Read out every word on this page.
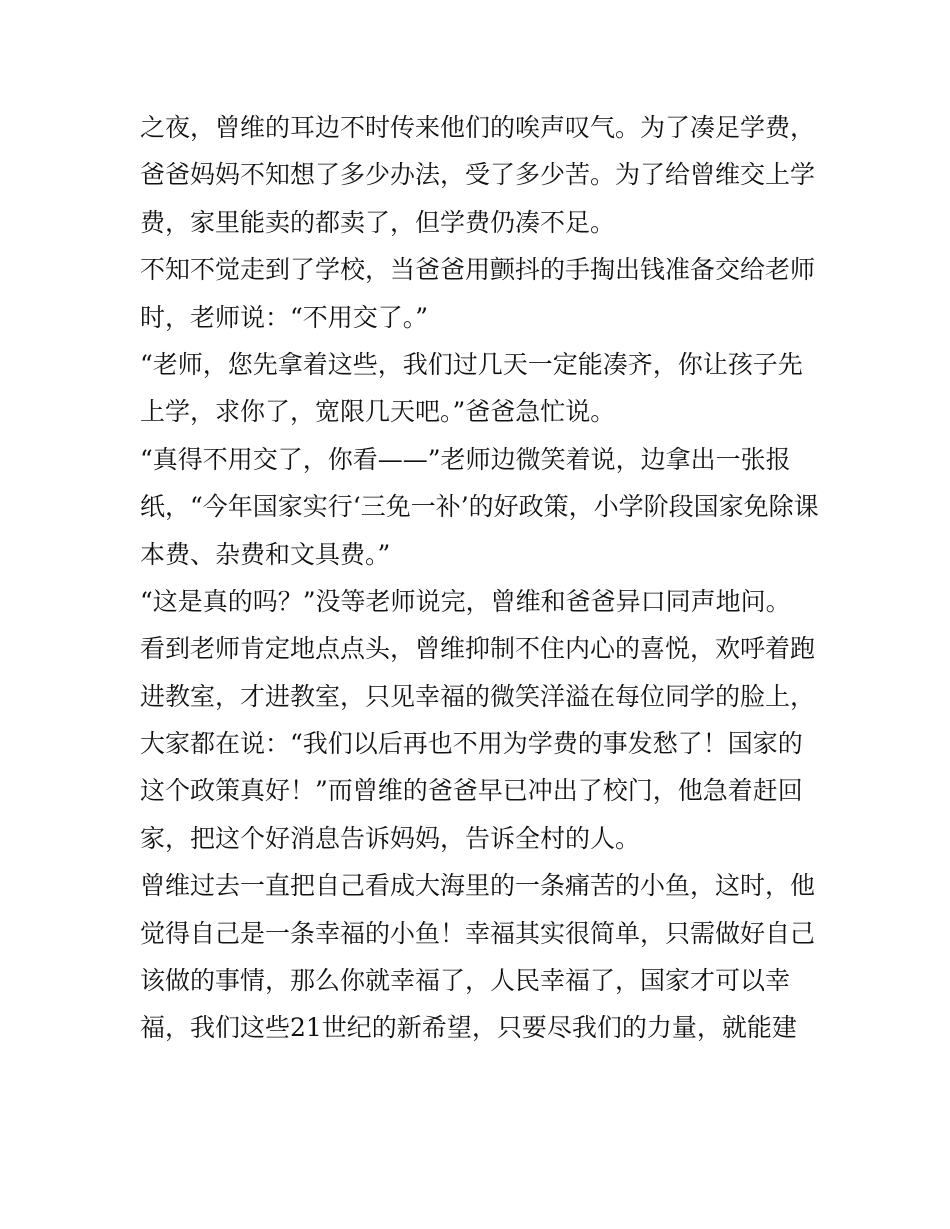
之夜，曾维的耳边不时传来他们的唉声叹气。为了凑足学费，
爸爸妈妈不知想了多少办法，受了多少苦。为了给曾维交上学
费，家里能卖的都卖了，但学费仍凑不足。
不知不觉走到了学校，当爸爸用颤抖的手掏出钱准备交给老师
时，老师说：“不用交了。”
“老师，您先拿着这些，我们过几天一定能凑齐，你让孩子先
上学，求你了，宽限几天吧。”爸爸急忙说。
“真得不用交了，你看——”老师边微笑着说，边拿出一张报
纸，“今年国家实行‘三免一补’的好政策，小学阶段国家免除课
本费、杂费和文具费。”
“这是真的吗？”没等老师说完，曾维和爸爸异口同声地问。
看到老师肯定地点点头，曾维抑制不住内心的喜悦，欢呼着跑
进教室，才进教室，只见幸福的微笑洋溢在每位同学的脸上，
大家都在说：“我们以后再也不用为学费的事发愁了！国家的
这个政策真好！”而曾维的爸爸早已冲出了校门，他急着赶回
家，把这个好消息告诉妈妈，告诉全村的人。
曾维过去一直把自己看成大海里的一条痛苦的小鱼，这时，他
觉得自己是一条幸福的小鱼！幸福其实很简单，只需做好自己
该做的事情，那么你就幸福了，人民幸福了，国家才可以幸
福，我们这些21世纪的新希望，只要尽我们的力量，就能建
